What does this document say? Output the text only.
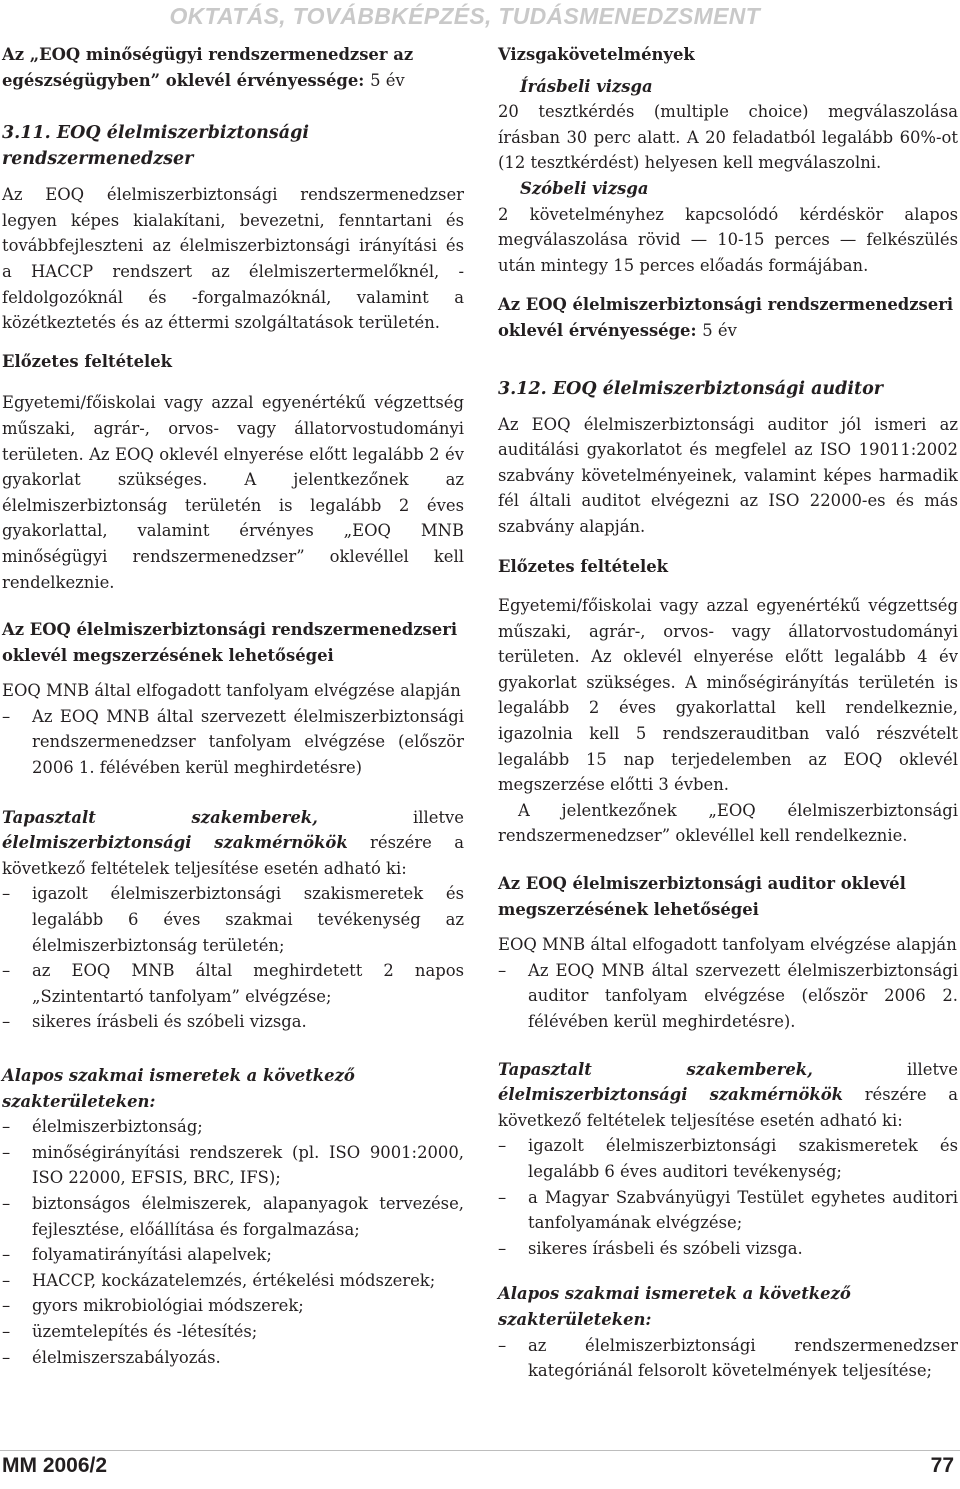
OKTATÁS, TOVÁBBKÉPZÉS, TUDÁSMENEDZSMENT

Az „EOQ minőségügyi rendszermenedzser az egészségügyben” oklevél érvényessége: 5 év

3.11. EOQ élelmiszerbiztonsági rendszermenedzser

Az EOQ élelmiszerbiztonsági rendszermenedzser legyen képes kialakítani, bevezetni, fenntartani és továbbfejleszteni az élelmiszerbiztonsági irányítási és a HACCP rendszert az élelmiszertermelőknél, -feldolgozóknál és -forgalmazóknál, valamint a közétkeztetés és az éttermi szolgáltatások területén.

Előzetes feltételek

Egyetemi/főiskolai vagy azzal egyenértékű végzettség műszaki, agrár-, orvos- vagy állatorvostudományi területen. Az EOQ oklevél elnyerése előtt legalább 2 év gyakorlat szükséges. A jelentkezőnek az élelmiszerbiztonság területén is legalább 2 éves gyakorlattal, valamint érvényes „EOQ MNB minőségügyi rendszermenedzser” oklevéllel kell rendelkeznie.

Az EOQ élelmiszerbiztonsági rendszermenedzseri oklevél megszerzésének lehetőségei

EOQ MNB által elfogadott tanfolyam elvégzése alapján

– Az EOQ MNB által szervezett élelmiszerbiztonsági rendszermenedzser tanfolyam elvégzése (először 2006 1. félévében kerül meghirdetésre)

Tapasztalt szakemberek, illetve élelmiszerbiztonsági szakmérnökök részére a következő feltételek teljesítése esetén adható ki:

– igazolt élelmiszerbiztonsági szakismeretek és legalább 6 éves szakmai tevékenység az élelmiszerbiztonság területén;
– az EOQ MNB által meghirdetett 2 napos „Szintentartó tanfolyam” elvégzése;
– sikeres írásbeli és szóbeli vizsga.

Alapos szakmai ismeretek a következő szakterületeken:

– élelmiszerbiztonság;
– minőségirányítási rendszerek (pl. ISO 9001:2000, ISO 22000, EFSIS, BRC, IFS);
– biztonságos élelmiszerek, alapanyagok tervezése, fejlesztése, előállítása és forgalmazása;
– folyamatirányítási alapelvek;
– HACCP, kockázatelemzés, értékelési módszerek;
– gyors mikrobiológiai módszerek;
– üzemtelepítés és -létesítés;
– élelmiszerszabályozás.

Vizsgakövetelmények

Írásbeli vizsga

20 tesztkérdés (multiple choice) megválaszolása írásban 30 perc alatt. A 20 feladatból legalább 60%-ot (12 tesztkérdést) helyesen kell megválaszolni.

Szóbeli vizsga

2 követelményhez kapcsolódó kérdéskör alapos megválaszolása rövid — 10-15 perces — felkészülés után mintegy 15 perces előadás formájában.

Az EOQ élelmiszerbiztonsági rendszermenedzseri oklevél érvényessége: 5 év

3.12. EOQ élelmiszerbiztonsági auditor

Az EOQ élelmiszerbiztonsági auditor jól ismeri az auditálási gyakorlatot és megfelel az ISO 19011:2002 szabvány követelményeinek, valamint képes harmadik fél általi auditot elvégezni az ISO 22000-es és más szabvány alapján.

Előzetes feltételek

Egyetemi/főiskolai vagy azzal egyenértékű végzettség műszaki, agrár-, orvos- vagy állatorvostudományi területen. Az oklevél elnyerése előtt legalább 4 év gyakorlat szükséges. A minőségirányítás területén is legalább 2 éves gyakorlattal kell rendelkeznie, igazolnia kell 5 rendszerauditban való részvételt legalább 15 nap terjedelemben az EOQ oklevél megszerzése előtti 3 évben.

A jelentkezőnek „EOQ élelmiszerbiztonsági rendszermenedzser” oklevéllel kell rendelkeznie.

Az EOQ élelmiszerbiztonsági auditor oklevél megszerzésének lehetőségei

EOQ MNB által elfogadott tanfolyam elvégzése alapján

– Az EOQ MNB által szervezett élelmiszerbiztonsági auditor tanfolyam elvégzése (először 2006 2. félévében kerül meghirdetésre).

Tapasztalt szakemberek, illetve élelmiszerbiztonsági szakmérnökök részére a következő feltételek teljesítése esetén adható ki:

– igazolt élelmiszerbiztonsági szakismeretek és legalább 6 éves auditori tevékenység;
– a Magyar Szabványügyi Testület egyhetes auditori tanfolyamának elvégzése;
– sikeres írásbeli és szóbeli vizsga.

Alapos szakmai ismeretek a következő szakterületeken:

– az élelmiszerbiztonsági rendszermenedzser kategóriánál felsorolt követelmények teljesítése;
MM 2006/2	77
